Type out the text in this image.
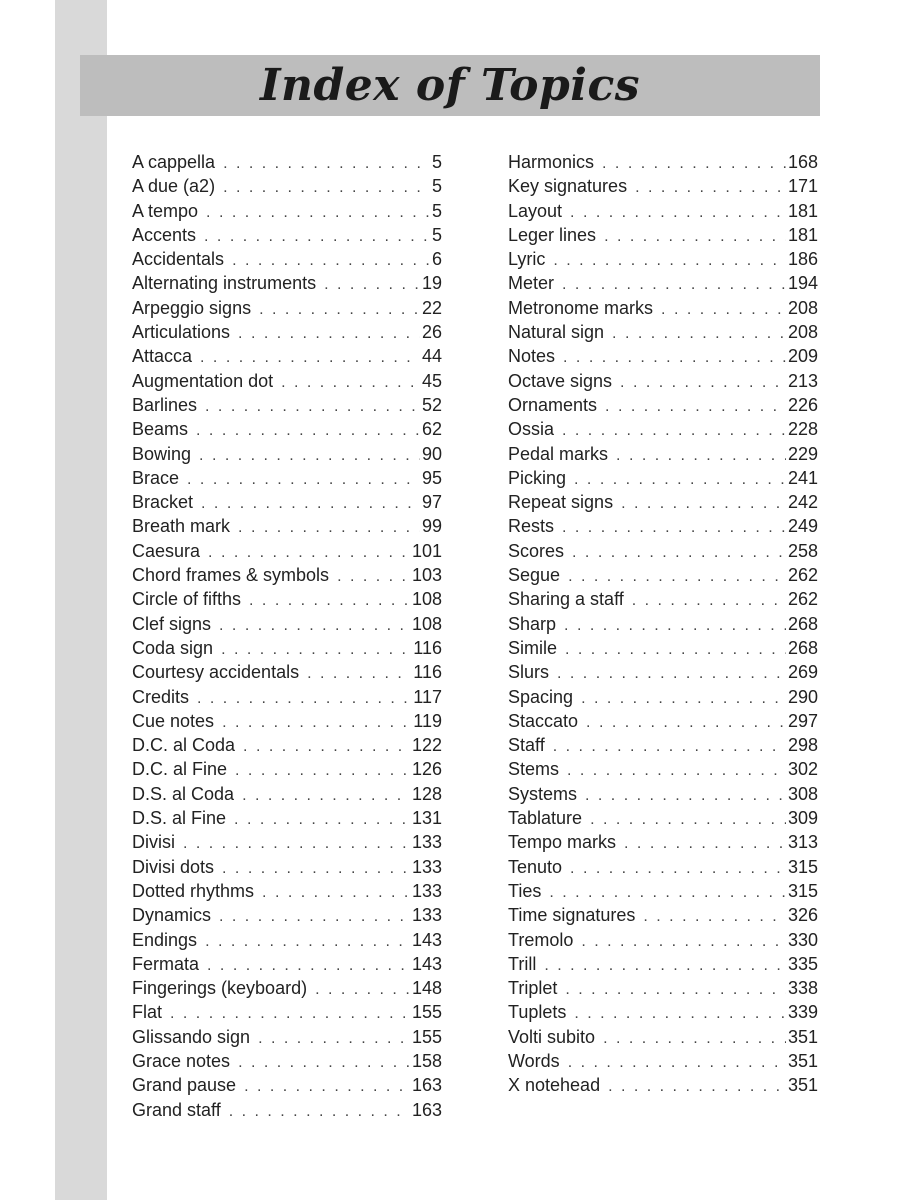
Index of Topics
A cappella . . .	5
A due (a2) . . .	5
A tempo . . .	5
Accents . . .	5
Accidentals . . .	6
Alternating instruments . . .	19
Arpeggio signs . . .	22
Articulations . . .	26
Attacca . . .	44
Augmentation dot . . .	45
Barlines . . .	52
Beams . . .	62
Bowing . . .	90
Brace . . .	95
Bracket . . .	97
Breath mark . . .	99
Caesura . . .	101
Chord frames & symbols . . .	103
Circle of fifths . . .	108
Clef signs . . .	108
Coda sign . . .	116
Courtesy accidentals . . .	116
Credits . . .	117
Cue notes . . .	119
D.C. al Coda . . .	122
D.C. al Fine . . .	126
D.S. al Coda . . .	128
D.S. al Fine . . .	131
Divisi . . .	133
Divisi dots . . .	133
Dotted rhythms . . .	133
Dynamics . . .	133
Endings . . .	143
Fermata . . .	143
Fingerings (keyboard) . . .	148
Flat . . .	155
Glissando sign . . .	155
Grace notes . . .	158
Grand pause . . .	163
Grand staff . . .	163
Harmonics . . .	168
Key signatures . . .	171
Layout . . .	181
Leger lines . . .	181
Lyric . . .	186
Meter . . .	194
Metronome marks . . .	208
Natural sign . . .	208
Notes . . .	209
Octave signs . . .	213
Ornaments . . .	226
Ossia . . .	228
Pedal marks . . .	229
Picking . . .	241
Repeat signs . . .	242
Rests . . .	249
Scores . . .	258
Segue . . .	262
Sharing a staff . . .	262
Sharp . . .	268
Simile . . .	268
Slurs . . .	269
Spacing . . .	290
Staccato . . .	297
Staff . . .	298
Stems . . .	302
Systems . . .	308
Tablature . . .	309
Tempo marks . . .	313
Tenuto . . .	315
Ties . . .	315
Time signatures . . .	326
Tremolo . . .	330
Trill . . .	335
Triplet . . .	338
Tuplets . . .	339
Volti subito . . .	351
Words . . .	351
X notehead . . .	351
